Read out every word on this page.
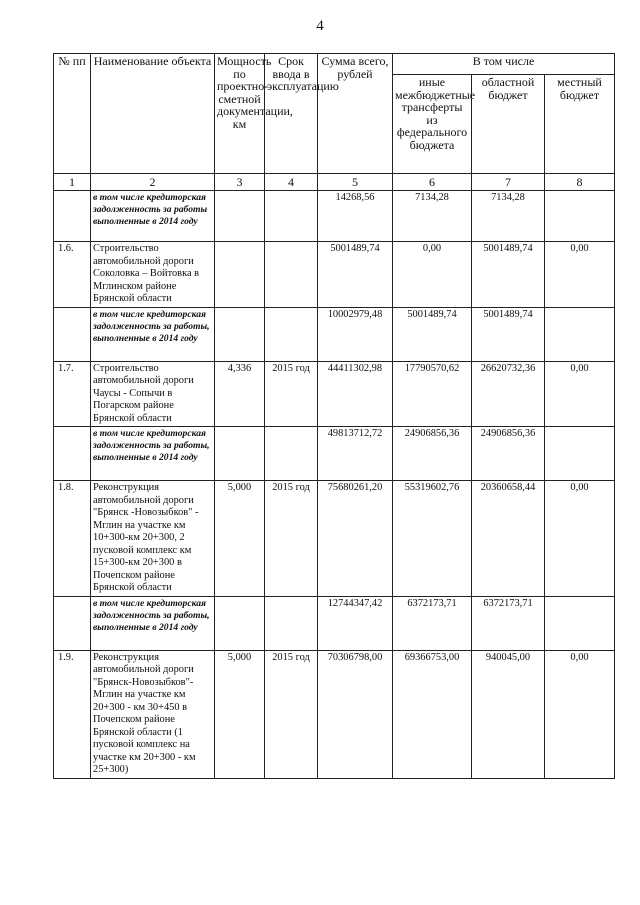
4
№ пп	Наименование объекта	Мощность по проектно-сметной документации, км	Срок ввода в эксплуатацию	Сумма всего, рублей	В том числе		
					иные межбюджетные трансферты из федерального бюджета	областной бюджет	местный бюджет
1	2	3	4	5	6	7	8
	в том числе кредиторская задолженность за работы выполненные в 2014 году			14268,56	7134,28	7134,28	
1.6.	Строительство автомобильной дороги Соколовка – Войтовка в Мглинском районе Брянской области			5001489,74	0,00	5001489,74	0,00
	в том числе кредиторская задолженность за работы, выполненные в 2014 году			10002979,48	5001489,74	5001489,74	
1.7.	Строительство автомобильной дороги Чаусы - Сопычи в Погарском районе Брянской области	4,336	2015 год	44411302,98	17790570,62	26620732,36	0,00
	в том числе кредиторская задолженность за работы, выполненные в 2014 году			49813712,72	24906856,36	24906856,36	
1.8.	Реконструкция автомобильной дороги "Брянск -Новозыбков" - Мглин на участке км 10+300-км 20+300, 2 пусковой комплекс км 15+300-км 20+300 в Почепском районе Брянской области	5,000	2015 год	75680261,20	55319602,76	20360658,44	0,00
	в том числе кредиторская задолженность за работы, выполненные в 2014 году			12744347,42	6372173,71	6372173,71	
1.9.	Реконструкция автомобильной дороги "Брянск-Новозыбков"- Мглин на участке км 20+300 - км 30+450 в Почепском районе Брянской области (1 пусковой комплекс на участке км 20+300 - км 25+300)	5,000	2015 год	70306798,00	69366753,00	940045,00	0,00
